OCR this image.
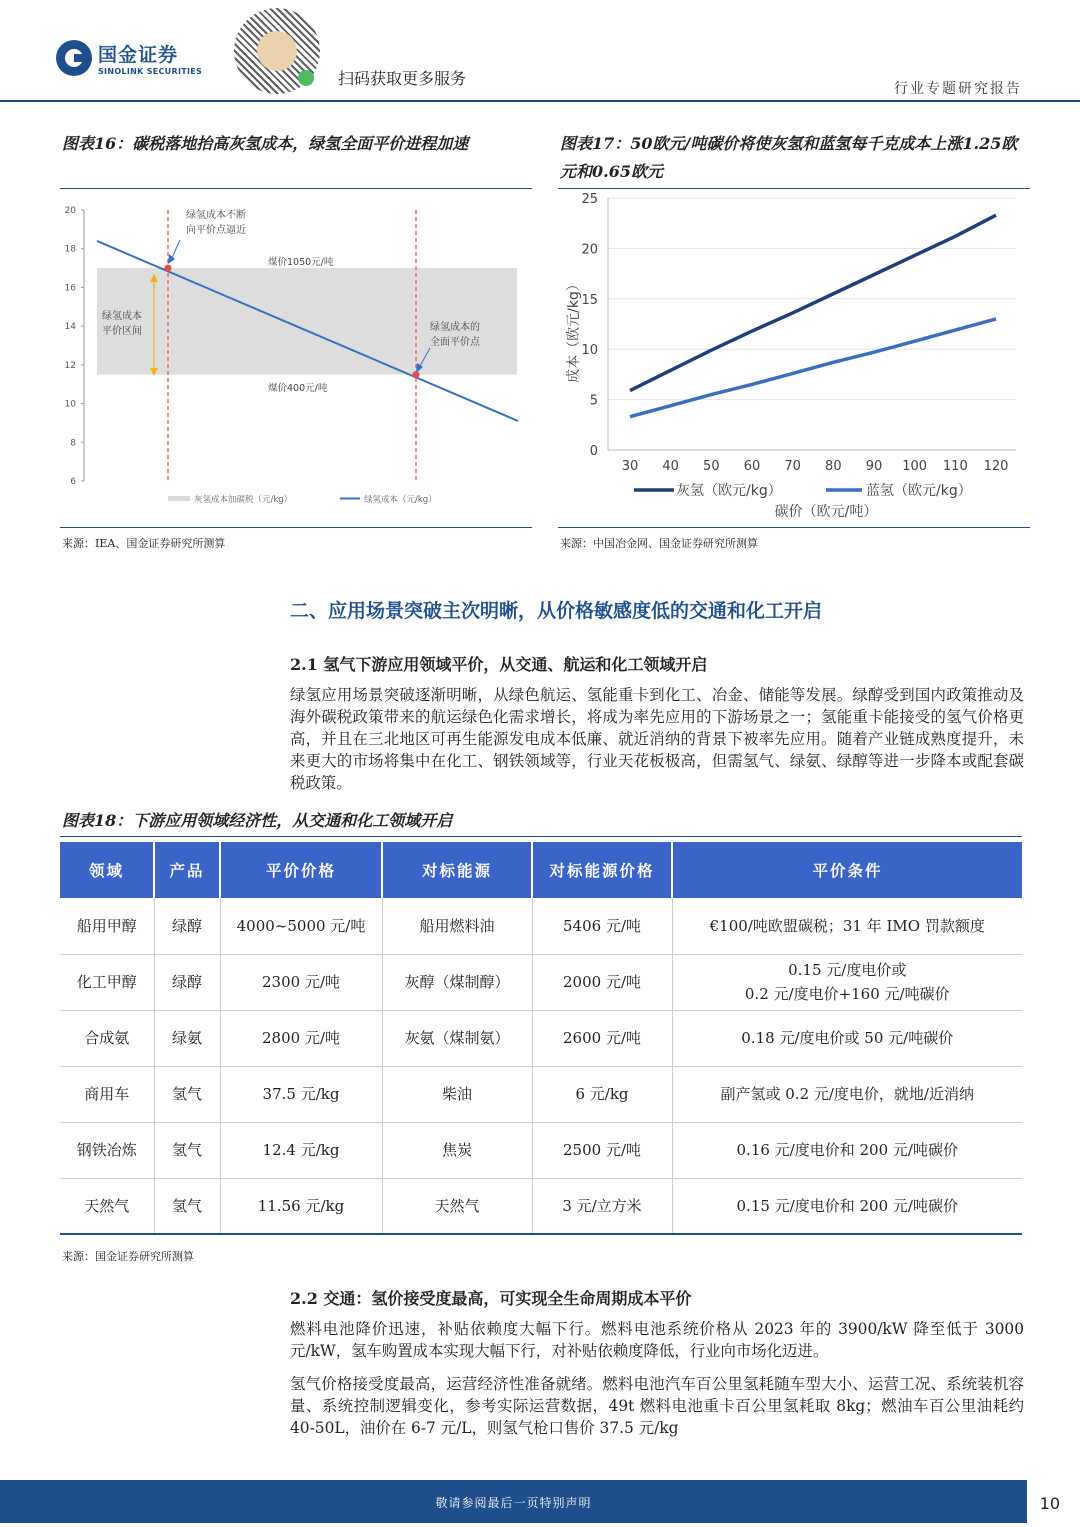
国金证券
SINOLINK SECURITIES	扫码获取更多服务
行业专题研究报告
图表16：碳税落地抬高灰氢成本，绿氢全面平价进程加速	图表17：50欧元/吨碳价将使灰氢和蓝氢每千克成本上涨1.25欧元和0.65欧元
6
8
10
12
14
16
18
20	绿氢成本不断
向平价点逼近
煤价1050元/吨
绿氢成本
平价区间	绿氢成本的
全面平价点
煤价400元/吨
灰氢成本加碳税（元/kg）	绿氢成本（元/kg）
0
5
10
15
20
25
30 40 50 60 70 80 90 100 110 120
成本（欧元/kg）
灰氢（欧元/kg）	蓝氢（欧元/kg）
碳价（欧元/吨）
来源：IEA、国金证券研究所测算	来源：中国冶金网、国金证券研究所测算
二、应用场景突破主次明晰，从价格敏感度低的交通和化工开启
2.1 氢气下游应用领域平价，从交通、航运和化工领域开启
绿氢应用场景突破逐渐明晰，从绿色航运、氢能重卡到化工、冶金、储能等发展。绿醇受到国内政策推动及海外碳税政策带来的航运绿色化需求增长，将成为率先应用的下游场景之一；氢能重卡能接受的氢气价格更高，并且在三北地区可再生能源发电成本低廉、就近消纳的背景下被率先应用。随着产业链成熟度提升，未来更大的市场将集中在化工、钢铁领域等，行业天花板极高，但需氢气、绿氨、绿醇等进一步降本或配套碳税政策。
图表18：下游应用领域经济性，从交通和化工领域开启
领域	产品	平价价格	对标能源	对标能源价格	平价条件
船用甲醇	绿醇	4000~5000 元/吨	船用燃料油	5406 元/吨	€100/吨欧盟碳税；31 年 IMO 罚款额度
化工甲醇	绿醇	2300 元/吨	灰醇（煤制醇）	2000 元/吨	0.15 元/度电价或
0.2 元/度电价+160 元/吨碳价
合成氨	绿氨	2800 元/吨	灰氨（煤制氨）	2600 元/吨	0.18 元/度电价或 50 元/吨碳价
商用车	氢气	37.5 元/kg	柴油	6 元/kg	副产氢或 0.2 元/度电价，就地/近消纳
钢铁冶炼	氢气	12.4 元/kg	焦炭	2500 元/吨	0.16 元/度电价和 200 元/吨碳价
天然气	氢气	11.56 元/kg	天然气	3 元/立方米	0.15 元/度电价和 200 元/吨碳价
来源：国金证券研究所测算
2.2 交通：氢价接受度最高，可实现全生命周期成本平价
燃料电池降价迅速，补贴依赖度大幅下行。燃料电池系统价格从 2023 年的 3900/kW 降至低于 3000 元/kW，氢车购置成本实现大幅下行，对补贴依赖度降低，行业向市场化迈进。
氢气价格接受度最高，运营经济性准备就绪。燃料电池汽车百公里氢耗随车型大小、运营工况、系统装机容量、系统控制逻辑变化，参考实际运营数据，49t 燃料电池重卡百公里氢耗取 8kg；燃油车百公里油耗约 40-50L，油价在 6-7 元/L，则氢气枪口售价 37.5 元/kg
敬请参阅最后一页特别声明	10
